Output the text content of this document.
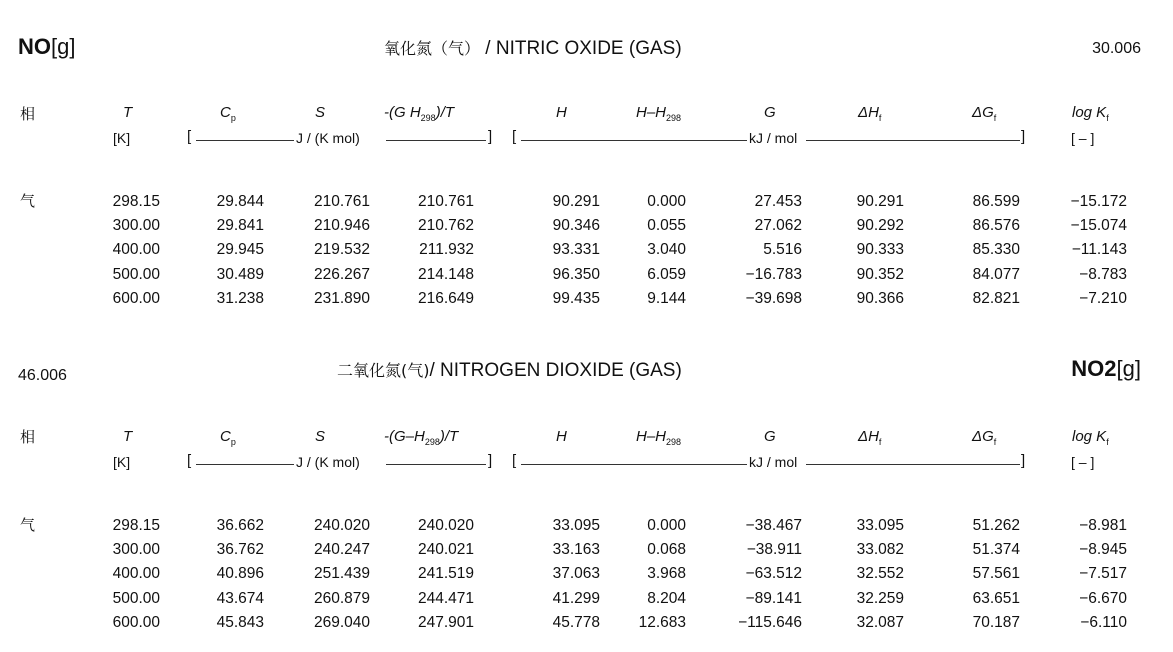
NO[g]	氧化氮（气） / NITRIC OXIDE (GAS)	30.006
相	T	$C_p$	S	-(G $H_{298})/T$	H	$H-H_{298}$	G	$\Delta H_f$	$\Delta G_f$	$\log K_f$
[K]	[	J / (K mol)	] [	kJ / mol	]	[ – ]
气	298.15	29.844	210.761	210.761	90.291	0.000	27.453	90.291	86.599	−15.172
300.00	29.841	210.946	210.762	90.346	0.055	27.062	90.292	86.576	−15.074
400.00	29.945	219.532	211.932	93.331	3.040	5.516	90.333	85.330	−11.143
500.00	30.489	226.267	214.148	96.350	6.059	−16.783	90.352	84.077	−8.783
600.00	31.238	231.890	216.649	99.435	9.144	−39.698	90.366	82.821	−7.210
46.006	二氧化氮(气)/ NITROGEN DIOXIDE (GAS)	NO2[g]
相	T	$C_p$	S	$-(G-H_{298})/T$	H	$H-H_{298}$	G	$\Delta H_f$	$\Delta G_f$	$\log K_f$
[K]	[	J / (K mol)	] [	kJ / mol	]	[ – ]
气	298.15	36.662	240.020	240.020	33.095	0.000	−38.467	33.095	51.262	−8.981
300.00	36.762	240.247	240.021	33.163	0.068	−38.911	33.082	51.374	−8.945
400.00	40.896	251.439	241.519	37.063	3.968	−63.512	32.552	57.561	−7.517
500.00	43.674	260.879	244.471	41.299	8.204	−89.141	32.259	63.651	−6.670
600.00	45.843	269.040	247.901	45.778 12.683	−115.646	32.087	70.187	−6.110
